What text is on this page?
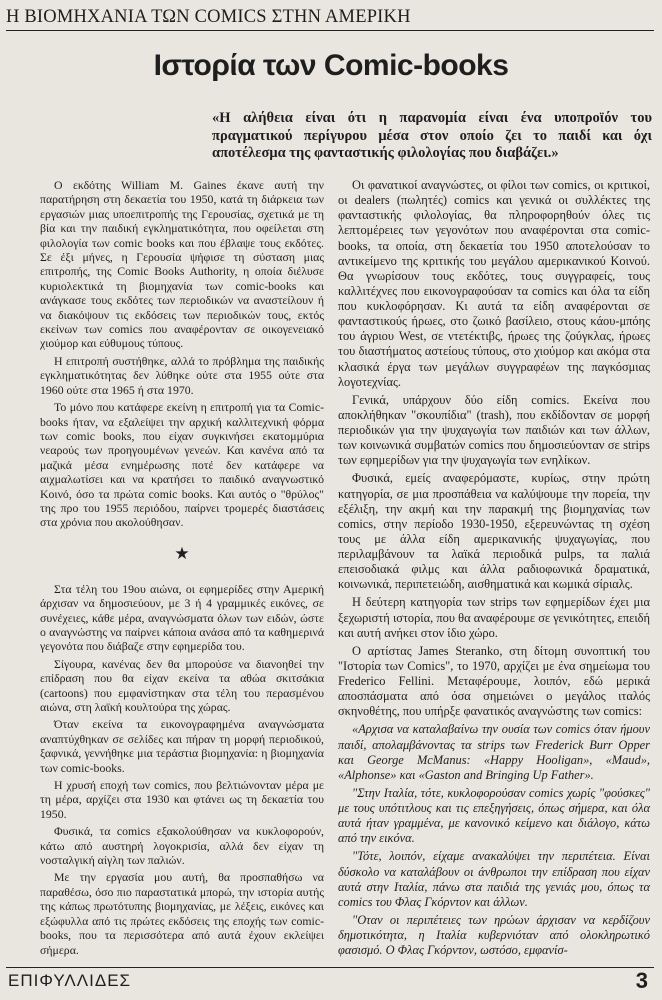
Η ΒΙΟΜΗΧΑΝΙΑ ΤΩΝ COMICS ΣΤΗΝ ΑΜΕΡΙΚΗ
Ιστορία των Comic-books
«Η αλήθεια είναι ότι η παρανομία είναι ένα υποπροϊόν του πραγματικού περίγυρου μέσα στον οποίο ζει το παιδί και όχι αποτέλεσμα της φανταστικής φιλολογίας που διαβάζει.»

Ο εκδότης William M. Gaines έκανε αυτή την παρατήρηση στη δεκαετία του 1950, κατά τη διάρκεια των εργασιών μιας υποεπιτροπής της Γερουσίας, σχετικά με τη βία και την παιδική εγκληματικότητα, που οφείλεται στη φιλολογία των comic books και που έβλαψε τους εκδότες. Σε έξι μήνες, η Γερουσία ψήφισε τη σύσταση μιας επιτροπής, της Comic Books Authority, η οποία διέλυσε κυριολεκτικά τη βιομηχανία των comic-books και ανάγκασε τους εκδότες των περιοδικών να αναστείλουν ή να διακόψουν τις εκδόσεις των περιοδικών τους, εκτός εκείνων των comics που αναφέρονταν σε οικογενειακό χιούμορ και εύθυμους τύπους.

Η επιτροπή συστήθηκε, αλλά το πρόβλημα της παιδικής εγκληματικότητας δεν λύθηκε ούτε στα 1955 ούτε στα 1960 ούτε στα 1965 ή στα 1970.

Το μόνο που κατάφερε εκείνη η επιτροπή για τα Comic-books ήταν, να εξαλείψει την αρχική καλλιτεχνική φόρμα των comic books, που είχαν συγκινήσει εκατομμύρια νεαρούς των προηγουμένων γενεών. Και κανένα από τα μαζικά μέσα ενημέρωσης ποτέ δεν κατάφερε να αιχμαλωτίσει και να κρατήσει το παιδικό αναγνωστικό Κοινό, όσο τα πρώτα comic books. Και αυτός ο "θρύλος" της προ του 1955 περιόδου, παίρνει τρομερές διαστάσεις στα χρόνια που ακολούθησαν.

★

Στα τέλη του 19ου αιώνα, οι εφημερίδες στην Αμερική άρχισαν να δημοσιεύουν, με 3 ή 4 γραμμικές εικόνες, σε συνέχειες, κάθε μέρα, αναγνώσματα όλων των ειδών, ώστε ο αναγνώστης να παίρνει κάποια ανάσα από τα καθημερινά γεγονότα που διάβαζε στην εφημερίδα του.

Σίγουρα, κανένας δεν θα μπορούσε να διανοηθεί την επίδραση που θα είχαν εκείνα τα αθώα σκιτσάκια (cartoons) που εμφανίστηκαν στα τέλη του περασμένου αιώνα, στη λαϊκή κουλτούρα της χώρας.

Όταν εκείνα τα εικονογραφημένα αναγνώσματα αναπτύχθηκαν σε σελίδες και πήραν τη μορφή περιοδικού, ξαφνικά, γεννήθηκε μια τεράστια βιομηχανία: η βιομηχανία των comic-books.

Η χρυσή εποχή των comics, που βελτιώνονταν μέρα με τη μέρα, αρχίζει στα 1930 και φτάνει ως τη δεκαετία του 1950.

Φυσικά, τα comics εξακολούθησαν να κυκλοφορούν, κάτω από αυστηρή λογοκρισία, αλλά δεν είχαν τη νοσταλγική αίγλη των παλιών.

Με την εργασία μου αυτή, θα προσπαθήσω να παραθέσω, όσο πιο παραστατικά μπορώ, την ιστορία αυτής της κάπως πρωτότυπης βιομηχανίας, με λέξεις, εικόνες και εξώφυλλα από τις πρώτες εκδόσεις της εποχής των comic-books, που τα περισσότερα από αυτά έχουν εκλείψει σήμερα.

Οι φανατικοί αναγνώστες, οι φίλοι των comics, οι κριτικοί, οι dealers (πωλητές) comics και γενικά οι συλλέκτες της φανταστικής φιλολογίας, θα πληροφορηθούν όλες τις λεπτομέρειες των γεγονότων που αναφέρονται στα comic-books, τα οποία, στη δεκαετία του 1950 αποτελούσαν το αντικείμενο της κριτικής του μεγάλου αμερικανικού Κοινού. Θα γνωρίσουν τους εκδότες, τους συγγραφείς, τους καλλιτέχνες που εικονογραφούσαν τα comics και όλα τα είδη που κυκλοφόρησαν. Κι αυτά τα είδη αναφέρονται σε φανταστικούς ήρωες, στο ζωικό βασίλειο, στους κάου-μπόης του άγριου West, σε ντετέκτιβς, ήρωες της ζούγκλας, ήρωες του διαστήματος αστείους τύπους, στο χιούμορ και ακόμα στα κλασικά έργα των μεγάλων συγγραφέων της παγκόσμιας λογοτεχνίας.

Γενικά, υπάρχουν δύο είδη comics. Εκείνα που αποκλήθηκαν "σκουπίδια" (trash), που εκδίδονταν σε μορφή περιοδικών για την ψυχαγωγία των παιδιών και των άλλων, των κοινωνικά συμβατών comics που δημοσιεύονταν σε strips των εφημερίδων για την ψυχαγωγία των ενηλίκων.

Φυσικά, εμείς αναφερόμαστε, κυρίως, στην πρώτη κατηγορία, σε μια προσπάθεια να καλύψουμε την πορεία, την εξέλιξη, την ακμή και την παρακμή της βιομηχανίας των comics, στην περίοδο 1930-1950, εξερευνώντας τη σχέση τους με άλλα είδη αμερικανικής ψυχαγωγίας, που περιλαμβάνουν τα λαϊκά περιοδικά pulps, τα παλιά επεισοδιακά φιλμς και άλλα ραδιοφωνικά δραματικά, κοινωνικά, περιπετειώδη, αισθηματικά και κωμικά σίριαλς.

Η δεύτερη κατηγορία των strips των εφημερίδων έχει μια ξεχωριστή ιστορία, που θα αναφέρουμε σε γενικότητες, επειδή και αυτή ανήκει στον ίδιο χώρο.

Ο αρτίστας James Steranko, στη δίτομη συνοπτική του "Ιστορία των Comics", το 1970, αρχίζει με ένα σημείωμα του Frederico Fellini. Μεταφέρουμε, λοιπόν, εδώ μερικά αποσπάσματα από όσα σημειώνει ο μεγάλος ιταλός σκηνοθέτης, που υπήρξε φανατικός αναγνώστης των comics:

«Αρχισα να καταλαβαίνω την ουσία των comics όταν ήμουν παιδί, απολαμβάνοντας τα strips των Frederick Burr Opper και George McManus: «Happy Hooligan», «Maud», «Alphonse» και «Gaston and Bringing Up Father».

"Στην Ιταλία, τότε, κυκλοφορούσαν comics χωρίς "φούσκες" με τους υπότιτλους και τις επεξηγήσεις, όπως σήμερα, και όλα αυτά ήταν γραμμένα, με κανονικό κείμενο και διάλογο, κάτω από την εικόνα.

"Τότε, λοιπόν, είχαμε ανακαλύψει την περιπέτεια. Είναι δύσκολο να καταλάβουν οι άνθρωποι την επίδραση που είχαν αυτά στην Ιταλία, πάνω στα παιδιά της γενιάς μου, όπως τα comics του Φλας Γκόρντον και άλλων.

"Οταν οι περιπέτειες των ηρώων άρχισαν να κερδίζουν δημοτικότητα, η Ιταλία κυβερνιόταν από ολοκληρωτικό φασισμό. Ο Φλας Γκόρντον, ωστόσο, εμφανίσ-

ΕΠΙΦΥΛΛΙΔΕΣ	3
